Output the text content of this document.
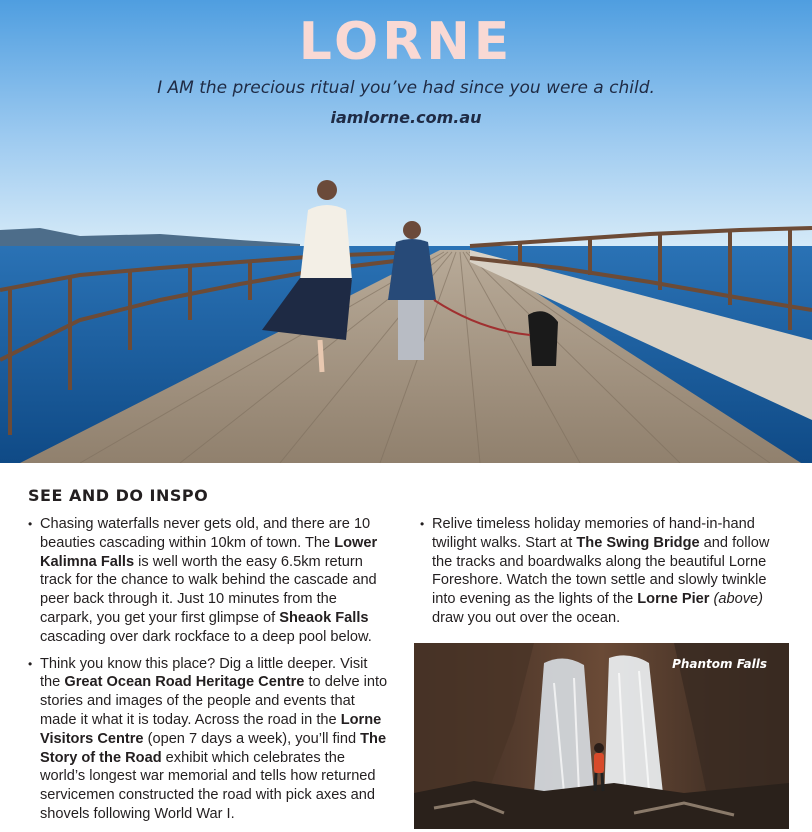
LORNE
I AM the precious ritual you’ve had since you were a child.
iamlorne.com.au
SEE AND DO INSPO
• Chasing waterfalls never gets old, and there are 10 beauties cascading within 10km of town. The Lower Kalimna Falls is well worth the easy 6.5km return track for the chance to walk behind the cascade and peer back through it. Just 10 minutes from the carpark, you get your first glimpse of Sheaok Falls cascading over dark rockface to a deep pool below.
• Think you know this place? Dig a little deeper. Visit the Great Ocean Road Heritage Centre to delve into stories and images of the people and events that made it what it is today. Across the road in the Lorne Visitors Centre (open 7 days a week), you’ll find The Story of the Road exhibit which celebrates the world’s longest war memorial and tells how returned servicemen constructed the road with pick axes and shovels following World War I.
• Relive timeless holiday memories of hand-in-hand twilight walks. Start at The Swing Bridge and follow the tracks and boardwalks along the beautiful Lorne Foreshore. Watch the town settle and slowly twinkle into evening as the lights of the Lorne Pier (above) draw you out over the ocean.
Phantom Falls
